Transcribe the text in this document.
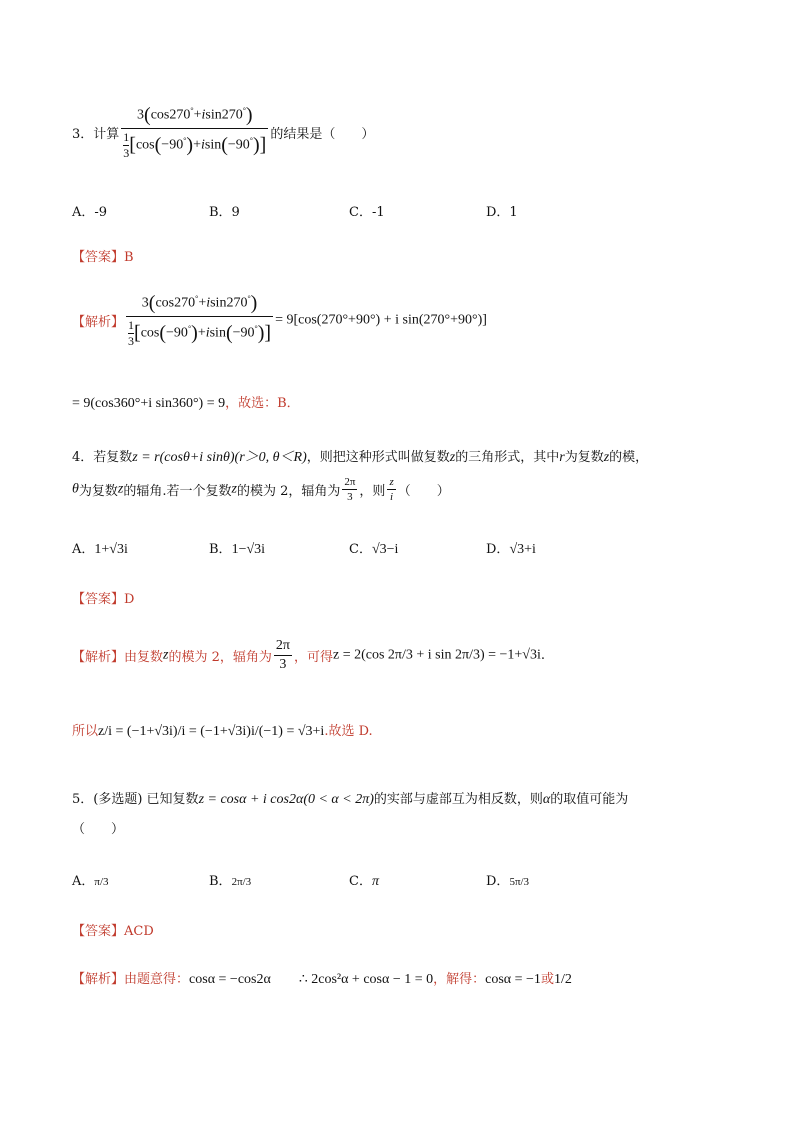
3．计算 $\frac{3(\cos 270^\circ+isin270^\circ)}{\frac{1}{3} [\cos(-90^\circ)+isin(-90^\circ)]}$ 的结果是（　　）
A．-9	B．9	C．-1	D．1
【答案】B
【解析】 $\frac{3(\cos 270^\circ+isin270^\circ)}{\frac{1}{3} [\cos(-90^\circ)+isin(-90^\circ)]} = 9[\cos(270^\circ+90^\circ) + i$ sin(270°+90°)]
= 9(cos360°+i sin360°) = 9，故选：B．
4．若复数z = r(cosθ+i sinθ)(r＞0, θ＜R)，则把这种形式叫做复数z的三角形式，其中r为复数z的模，
θ为复数z的辐角.若一个复数z的模为 2，辐角为 $\frac{2\pi}{3}$ ，则 $\frac{z}{i}$ （　　）
A．1+√3i	B．1−√3i	C．√3−i	D．√3+i
【答案】D
【解析】由复数z的模为 2，辐角为 $\frac{2\pi}{3}$ ，可得z = 2(cos 2π/3 + i sin 2π/3) = −1+√3i.
所以z/i = (−1+√3i)/i = (−1+√3i)i/(−1) = √3+i.故选 D.
5．(多选题) 已知复数z = cosα + i cos2α(0 < α < 2π)的实部与虚部互为相反数，则α的取值可能为
（　　）
A．π/3	B．2π/3	C．π	D．5π/3
【答案】ACD
【解析】由题意得：cosα = −cos2α ∴ 2cos²α + cosα − 1 = 0，解得：cosα = −1或1/2
